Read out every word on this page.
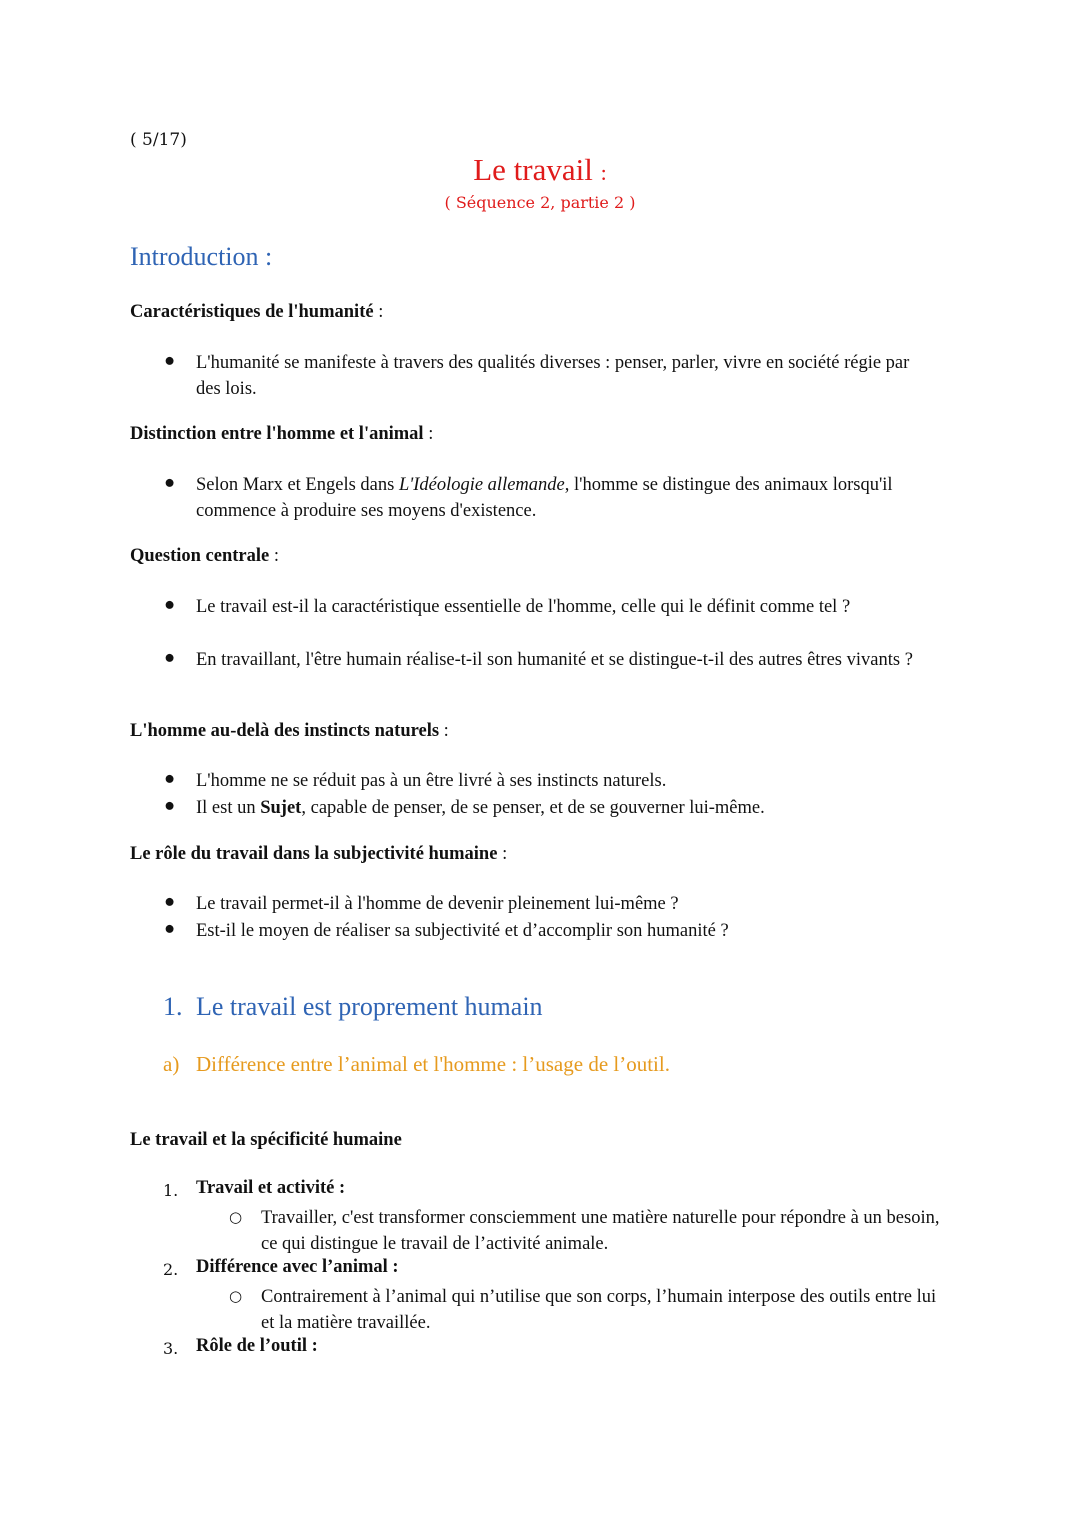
( 5/17)
Le travail :
( Séquence 2, partie 2 )
Introduction :
Caractéristiques de l'humanité :
● L'humanité se manifeste à travers des qualités diverses : penser, parler, vivre en société régie par des lois.
Distinction entre l'homme et l'animal :
● Selon Marx et Engels dans L'Idéologie allemande, l'homme se distingue des animaux lorsqu'il commence à produire ses moyens d'existence.
Question centrale :
● Le travail est-il la caractéristique essentielle de l'homme, celle qui le définit comme tel ?
● En travaillant, l'être humain réalise-t-il son humanité et se distingue-t-il des autres êtres vivants ?
L'homme au-delà des instincts naturels :
● L'homme ne se réduit pas à un être livré à ses instincts naturels.
● Il est un Sujet, capable de penser, de se penser, et de se gouverner lui-même.
Le rôle du travail dans la subjectivité humaine :
● Le travail permet-il à l'homme de devenir pleinement lui-même ?
● Est-il le moyen de réaliser sa subjectivité et d’accomplir son humanité ?
1. Le travail est proprement humain
a) Différence entre l’animal et l'homme : l’usage de l’outil.
Le travail et la spécificité humaine
1. Travail et activité :
○ Travailler, c'est transformer consciemment une matière naturelle pour répondre à un besoin, ce qui distingue le travail de l’activité animale.
2. Différence avec l’animal :
○ Contrairement à l’animal qui n’utilise que son corps, l’humain interpose des outils entre lui et la matière travaillée.
3. Rôle de l’outil :
